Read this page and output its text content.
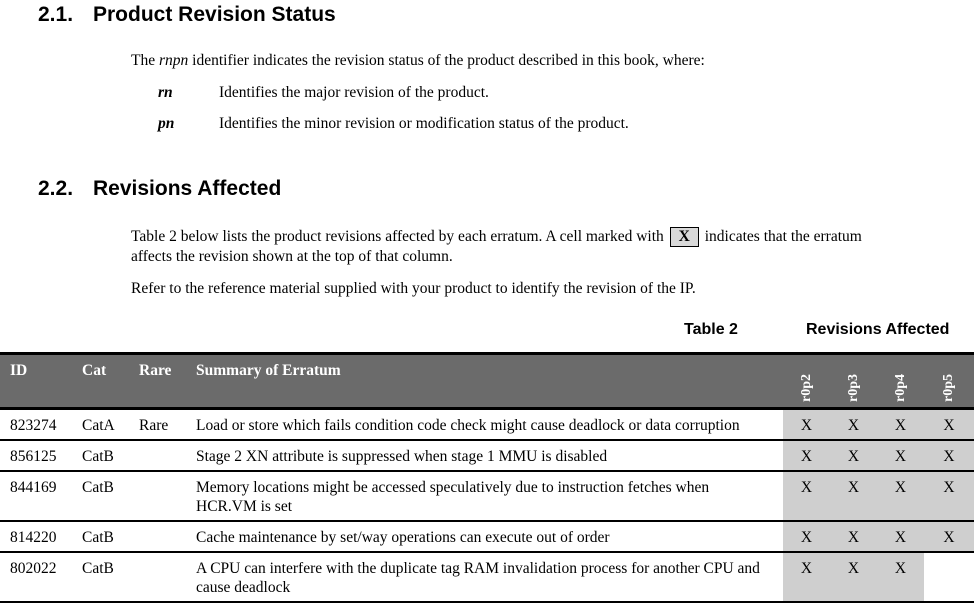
2.1. Product Revision Status
The rnpn identifier indicates the revision status of the product described in this book, where:
rn	Identifies the major revision of the product.
pn	Identifies the minor revision or modification status of the product.
2.2. Revisions Affected
Table 2 below lists the product revisions affected by each erratum. A cell marked with X indicates that the erratum
affects the revision shown at the top of that column.
Refer to the reference material supplied with your product to identify the revision of the IP.
Table 2	Revisions Affected
ID	Cat	Rare	Summary of Erratum	r0p2	r0p3	r0p4	r0p5
823274	CatA	Rare	Load or store which fails condition code check might cause deadlock or data corruption	X	X	X	X
856125	CatB		Stage 2 XN attribute is suppressed when stage 1 MMU is disabled	X	X	X	X
844169	CatB		Memory locations might be accessed speculatively due to instruction fetches when HCR.VM is set	X	X	X	X
814220	CatB		Cache maintenance by set/way operations can execute out of order	X	X	X	X
802022	CatB		A CPU can interfere with the duplicate tag RAM invalidation process for another CPU and cause deadlock	X	X	X	
